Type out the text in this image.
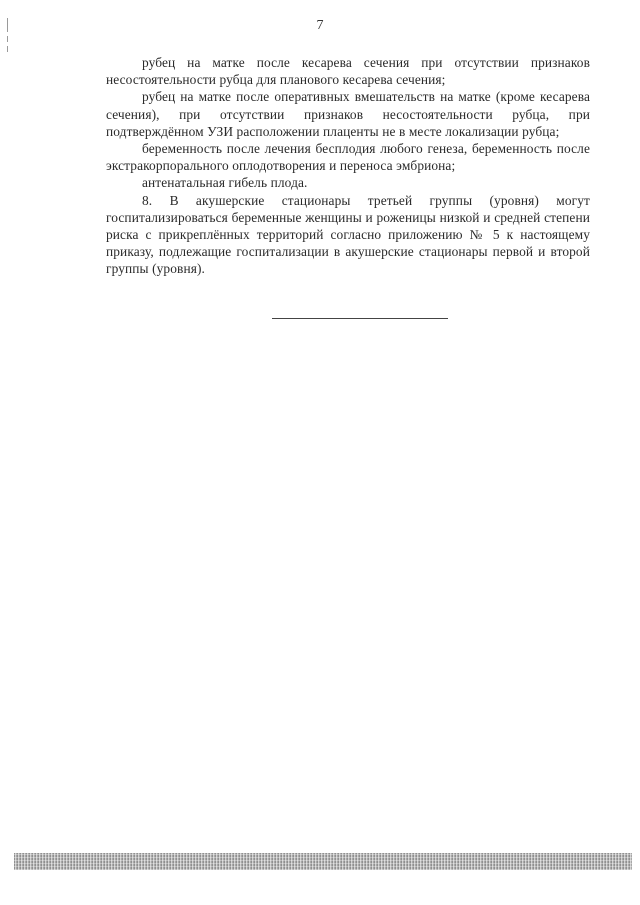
7

рубец на матке после кесарева сечения при отсутствии признаков несостоятельности рубца для планового кесарева сечения;

рубец на матке после оперативных вмешательств на матке (кроме кесарева сечения), при отсутствии признаков несостоятельности рубца, при подтверждённом УЗИ расположении плаценты не в месте локализации рубца;

беременность после лечения бесплодия любого генеза, беременность после экстракорпорального оплодотворения и переноса эмбриона;

антенатальная гибель плода.

8. В акушерские стационары третьей группы (уровня) могут госпитализироваться беременные женщины и роженицы низкой и средней степени риска с прикреплённых территорий согласно приложению № 5 к настоящему приказу, подлежащие госпитализации в акушерские стационары первой и второй группы (уровня).
